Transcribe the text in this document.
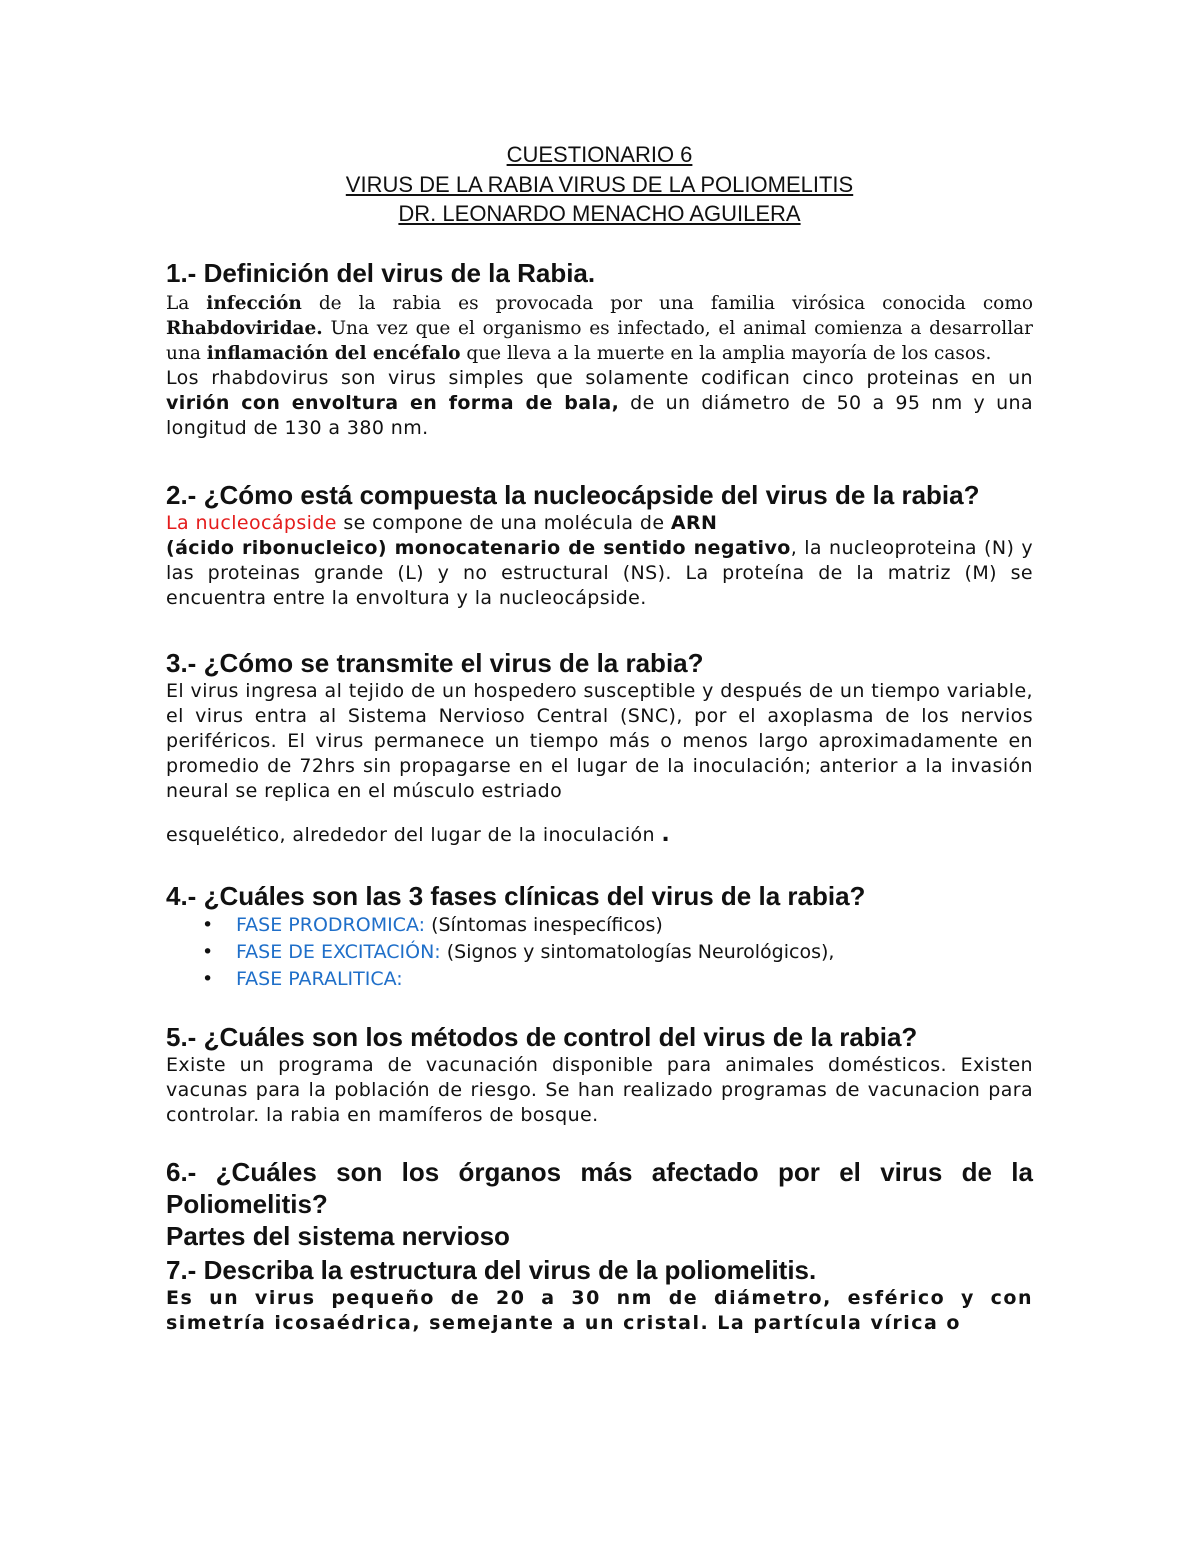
CUESTIONARIO 6
VIRUS DE LA RABIA VIRUS DE LA POLIOMELITIS
DR. LEONARDO MENACHO AGUILERA
1.- Definición del virus de la Rabia.

La infección de la rabia es provocada por una familia virósica conocida como Rhabdoviridae. Una vez que el organismo es infectado, el animal comienza a desarrollar una inflamación del encéfalo que lleva a la muerte en la amplia mayoría de los casos.

Los rhabdovirus son virus simples que solamente codifican cinco proteinas en un virión con envoltura en forma de bala, de un diámetro de 50 a 95 nm y una longitud de 130 a 380 nm.

2.- ¿Cómo está compuesta la nucleocápside del virus de la rabia?

La nucleocápside se compone de una molécula de ARN
(ácido ribonucleico) monocatenario de sentido negativo, la nucleoproteina (N) y las proteinas grande (L) y no estructural (NS). La proteína de la matriz (M) se encuentra entre la envoltura y la nucleocápside.

3.- ¿Cómo se transmite el virus de la rabia?

El virus ingresa al tejido de un hospedero susceptible y después de un tiempo variable, el virus entra al Sistema Nervioso Central (SNC), por el axoplasma de los nervios periféricos. El virus permanece un tiempo más o menos largo aproximadamente en promedio de 72hrs sin propagarse en el lugar de la inoculación; anterior a la invasión neural se replica en el músculo estriado

esquelético, alrededor del lugar de la inoculación .

4.- ¿Cuáles son las 3 fases clínicas del virus de la rabia?
• FASE PRODROMICA: (Síntomas inespecíficos)
• FASE DE EXCITACIÓN: (Signos y sintomatologías Neurológicos),
• FASE PARALITICA:
5.- ¿Cuáles son los métodos de control del virus de la rabia?

Existe un programa de vacunación disponible para animales domésticos. Existen vacunas para la población de riesgo. Se han realizado programas de vacunacion para controlar. la rabia en mamíferos de bosque.

6.- ¿Cuáles son los órganos más afectado por el virus de la Poliomelitis?
Partes del sistema nervioso
7.- Describa la estructura del virus de la poliomelitis.

Es un virus pequeño de 20 a 30 nm de diámetro, esférico y con simetría icosaédrica, semejante a un cristal. La partícula vírica o
